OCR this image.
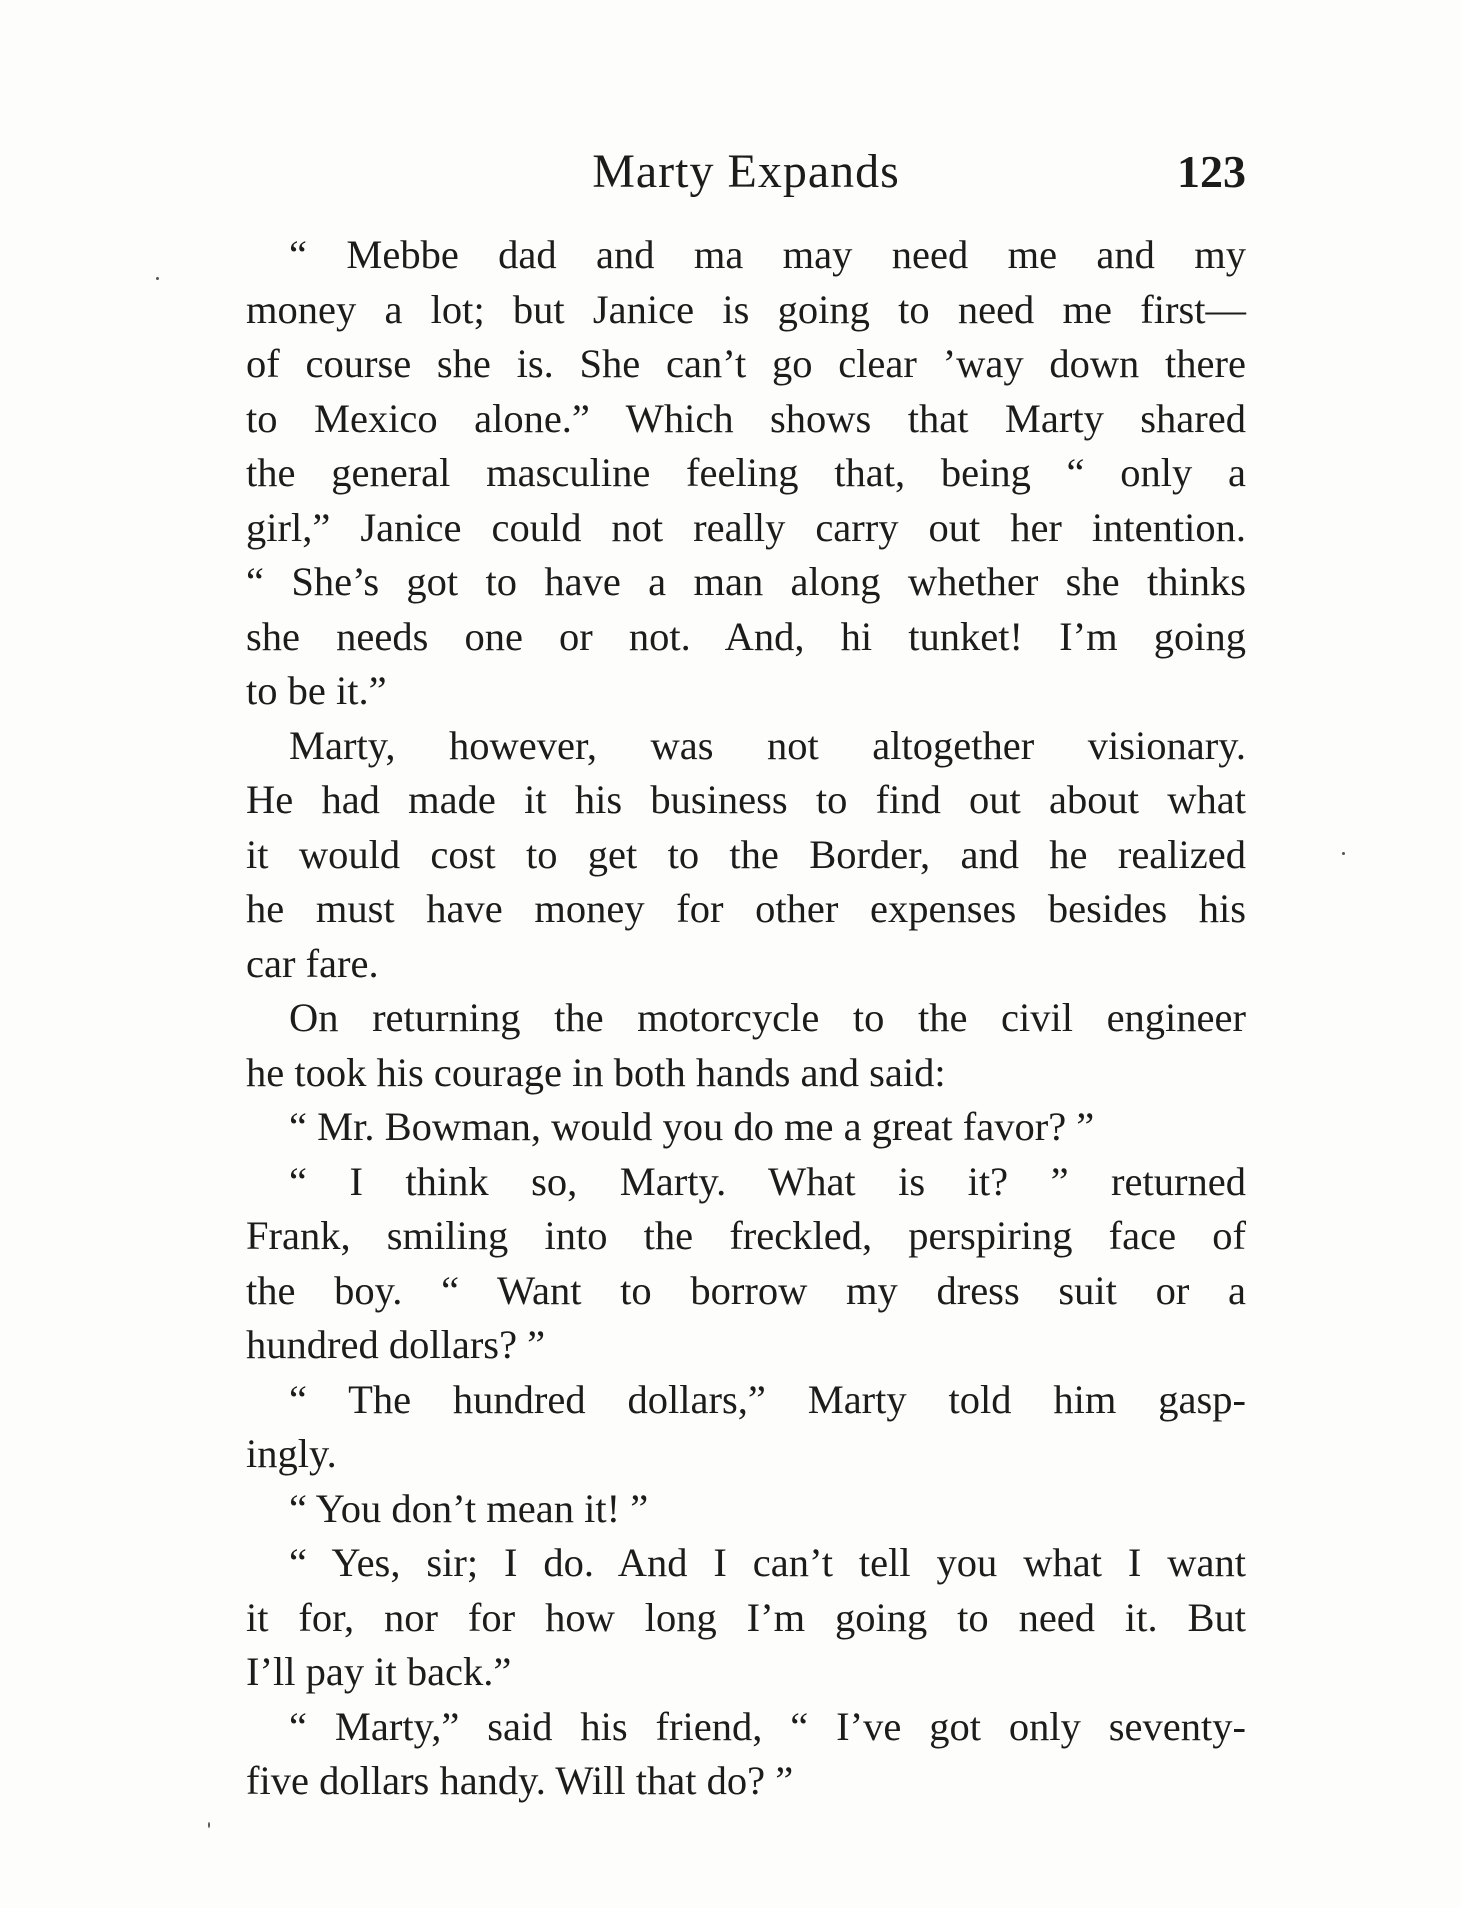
Marty Expands	123
“ Mebbe dad and ma may need me and my
money a lot; but Janice is going to need me first—
of course she is. She can’t go clear ’way down there
to Mexico alone.” Which shows that Marty shared
the general masculine feeling that, being “ only a
girl,” Janice could not really carry out her intention.
“ She’s got to have a man along whether she thinks
she needs one or not. And, hi tunket! I’m going
to be it.”
Marty, however, was not altogether visionary.
He had made it his business to find out about what
it would cost to get to the Border, and he realized
he must have money for other expenses besides his
car fare.
On returning the motorcycle to the civil engineer
he took his courage in both hands and said:
“ Mr. Bowman, would you do me a great favor? ”
“ I think so, Marty. What is it? ” returned
Frank, smiling into the freckled, perspiring face of
the boy. “ Want to borrow my dress suit or a
hundred dollars? ”
“ The hundred dollars,” Marty told him gasp-
ingly.
“ You don’t mean it! ”
“ Yes, sir; I do. And I can’t tell you what I want
it for, nor for how long I’m going to need it. But
I’ll pay it back.”
“ Marty,” said his friend, “ I’ve got only seventy-
five dollars handy. Will that do? ”
